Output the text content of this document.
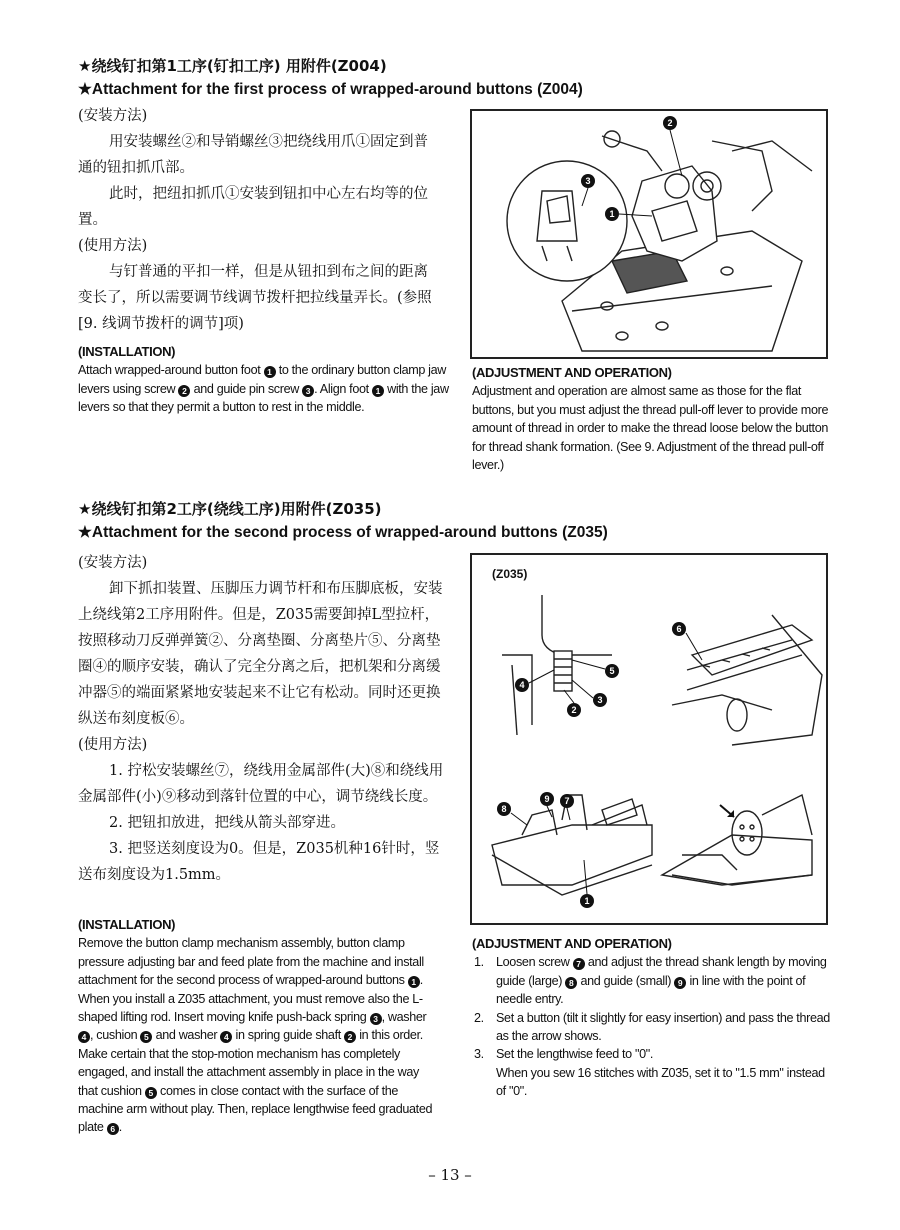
★绕线钉扣第1工序(钉扣工序) 用附件(Z004)
★Attachment for the first process of wrapped-around buttons (Z004)

(安装方法)

用安装螺丝②和导销螺丝③把绕线用爪①固定到普通的钮扣抓爪部。

此时，把纽扣抓爪①安装到钮扣中心左右均等的位置。

(使用方法)

与钉普通的平扣一样，但是从钮扣到布之间的距离变长了，所以需要调节线调节拨杆把拉线量弄长。(参照[9. 线调节拨杆的调节]项)

(INSTALLATION)
Attach wrapped-around button foot 1 to the ordinary button clamp jaw levers using screw 2 and guide pin screw 3 . Align foot 1 with the jaw levers so that they permit a button to rest in the middle.
2
3
1
(ADJUSTMENT AND OPERATION)
Adjustment and operation are almost same as those for the flat buttons, but you must adjust the thread pull-off lever to provide more amount of thread in order to make the thread loose below the button for thread shank formation. (See 9. Adjustment of the thread pull-off lever.)
★绕线钉扣第2工序(绕线工序)用附件(Z035)
★Attachment for the second process of wrapped-around buttons (Z035)

(安装方法)

卸下抓扣装置、压脚压力调节杆和布压脚底板，安装上绕线第2工序用附件。但是，Z035需要卸掉L型拉杆，按照移动刀反弹弹簧②、分离垫圈、分离垫片⑤、分离垫圈④的顺序安装，确认了完全分离之后，把机架和分离缓冲器⑤的端面紧紧地安装起来不让它有松动。同时还更换纵送布刻度板⑥。

(使用方法)

1. 拧松安装螺丝⑦，绕线用金属部件(大)⑧和绕线用金属部件(小)⑨移动到落针位置的中心，调节绕线长度。

2. 把钮扣放进，把线从箭头部穿进。

3. 把竖送刻度设为0。但是，Z035机种16针时，竖送布刻度设为1.5mm。

(INSTALLATION)
Remove the button clamp mechanism assembly, button clamp pressure adjusting bar and feed plate from the machine and install attachment for the second process of wrapped-around buttons 1 . When you install a Z035 attachment, you must remove also the L-shaped lifting rod. Insert moving knife push-back spring 3 , washer 4 , cushion 5 and washer 4 in spring guide shaft 2 in this order. Make certain that the stop-motion mechanism has completely engaged, and install the attachment assembly in place in the way that cushion 5 comes in close contact with the surface of the machine arm without play. Then, replace lengthwise feed graduated plate 6 .
(Z035)
4
2
3
5
6
1
7
9
8
(ADJUSTMENT AND OPERATION)
1. Loosen screw 7 and adjust the thread shank length by moving guide (large) 8 and guide (small) 9 in line with the point of needle entry.
2. Set a button (tilt it slightly for easy insertion) and pass the thread as the arrow shows.
3. Set the lengthwise feed to "0".
When you sew 16 stitches with Z035, set it to "1.5 mm" instead of "0".
– 13 –
